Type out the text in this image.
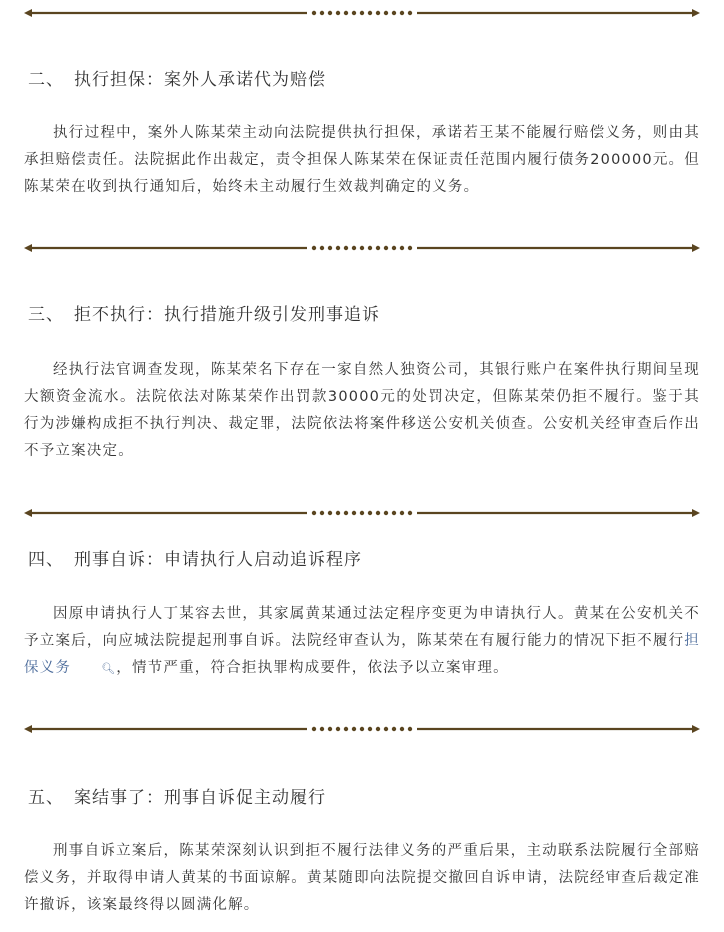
二、 执行担保：案外人承诺代为赔偿
执行过程中，案外人陈某荣主动向法院提供执行担保，承诺若王某不能履行赔偿义务，则由其承担赔偿责任。法院据此作出裁定，责令担保人陈某荣在保证责任范围内履行债务200000元。但陈某荣在收到执行通知后，始终未主动履行生效裁判确定的义务。
三、 拒不执行：执行措施升级引发刑事追诉
经执行法官调查发现，陈某荣名下存在一家自然人独资公司，其银行账户在案件执行期间呈现大额资金流水。法院依法对陈某荣作出罚款30000元的处罚决定，但陈某荣仍拒不履行。鉴于其行为涉嫌构成拒不执行判决、裁定罪，法院依法将案件移送公安机关侦查。公安机关经审查后作出不予立案决定。
四、 刑事自诉：申请执行人启动追诉程序
因原申请执行人丁某容去世，其家属黄某通过法定程序变更为申请执行人。黄某在公安机关不予立案后，向应城法院提起刑事自诉。法院经审查认为，陈某荣在有履行能力的情况下拒不履行担保义务	🔍︎，情节严重，符合拒执罪构成要件，依法予以立案审理。
五、 案结事了：刑事自诉促主动履行
刑事自诉立案后，陈某荣深刻认识到拒不履行法律义务的严重后果，主动联系法院履行全部赔偿义务，并取得申请人黄某的书面谅解。黄某随即向法院提交撤回自诉申请，法院经审查后裁定准许撤诉，该案最终得以圆满化解。
